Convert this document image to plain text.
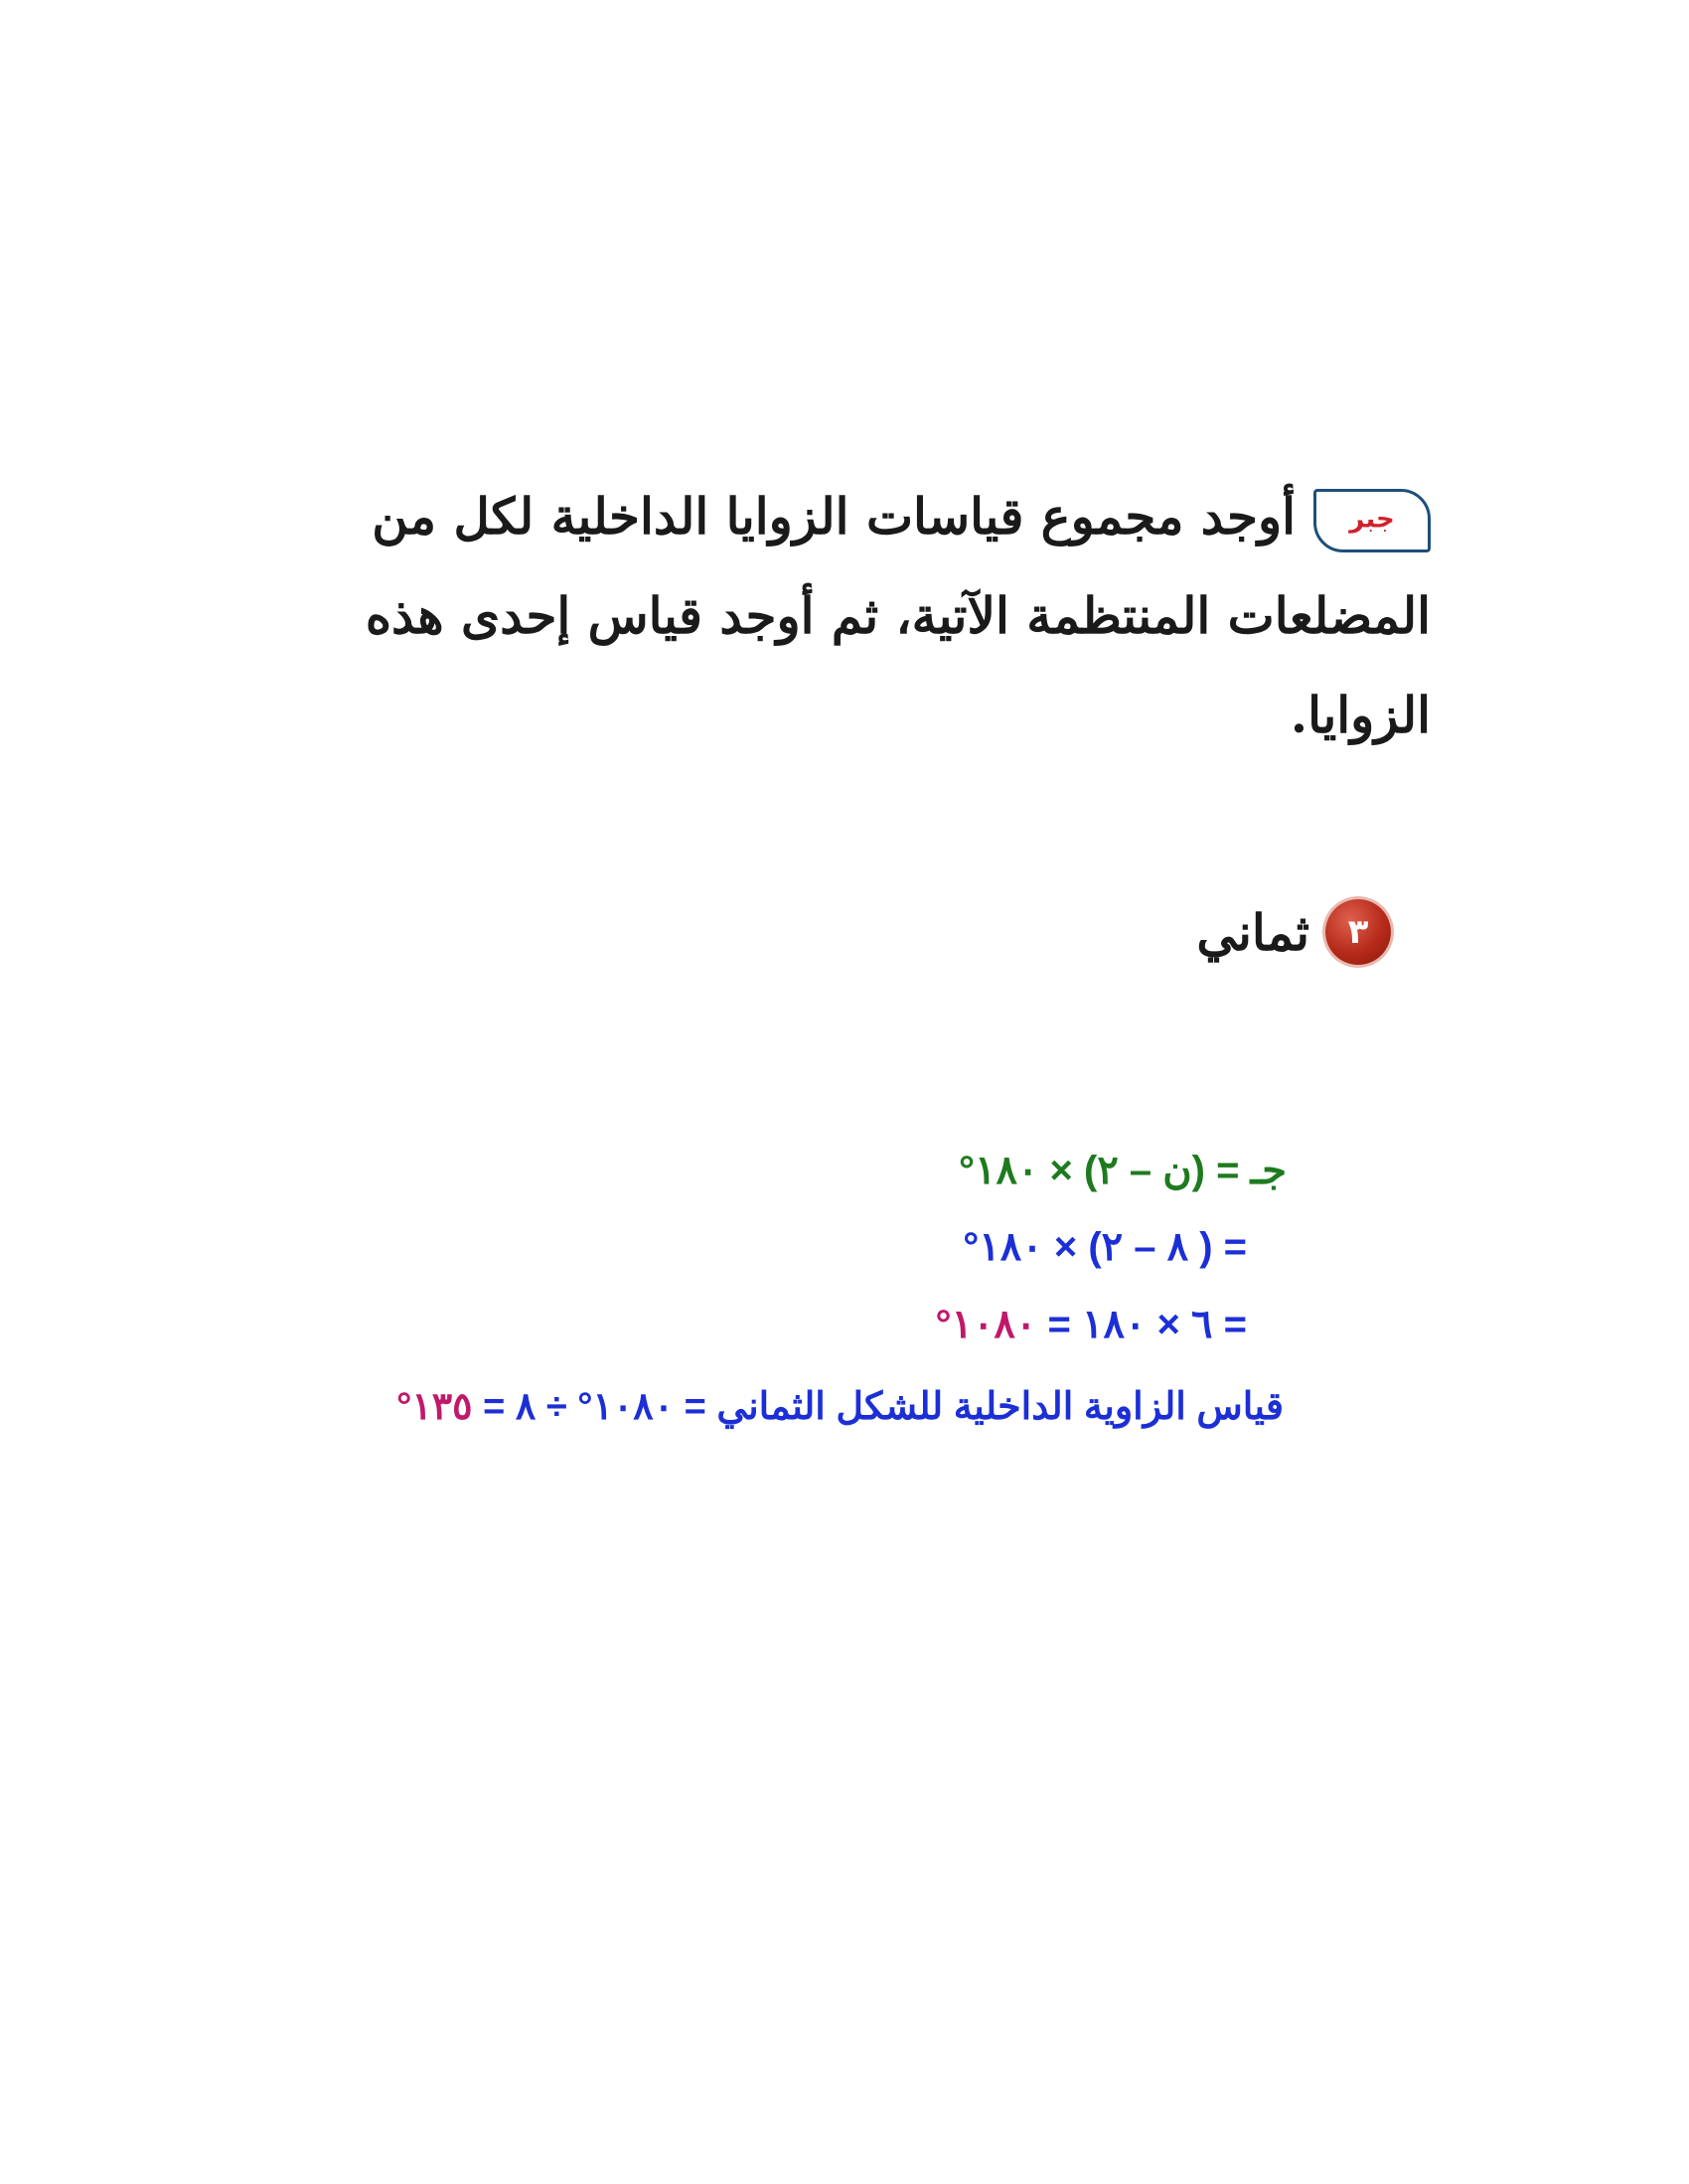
جبر
أوجد مجموع قياسات الزوايا الداخلية لكل من
المضلعات المنتظمة الآتية، ثم أوجد قياس إحدى هذه
الزوايا.
٣ثماني
جـ = (ن – ٢) × ١٨٠°
= ( ٨ – ٢) × ١٨٠°
= ٦ × ١٨٠ = ١٠٨٠°
قياس الزاوية الداخلية للشكل الثماني = ١٠٨٠° ÷ ٨ = ١٣٥°
